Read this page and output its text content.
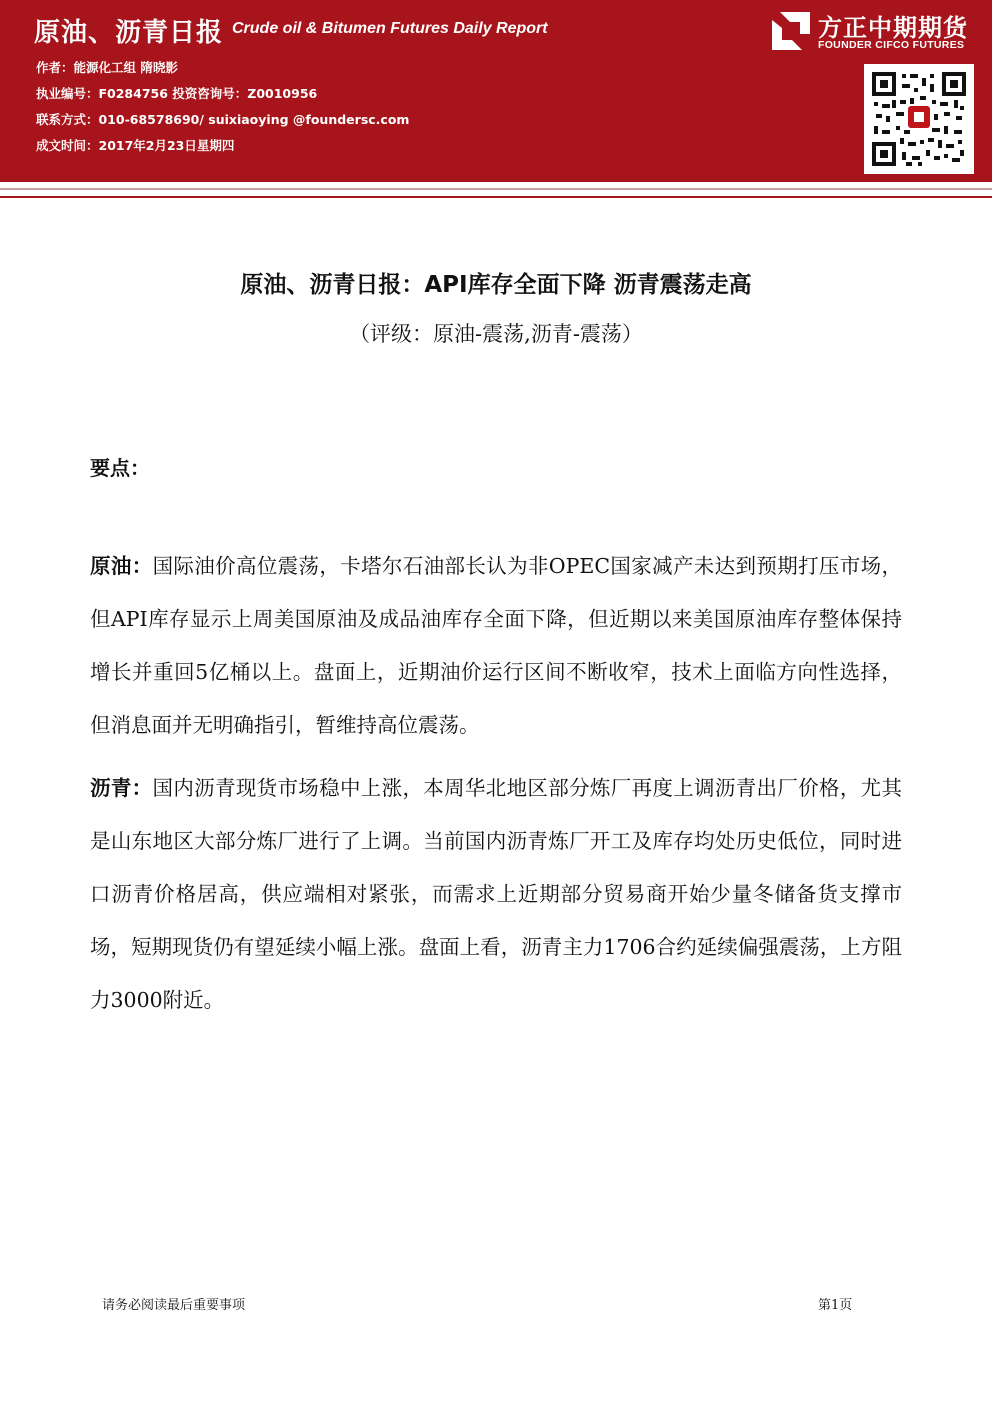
原油、沥青日报 Crude oil & Bitumen Futures Daily Report	方正中期期货
FOUNDER CIFCO FUTURES
作者：能源化工组 隋晓影
执业编号：F0284756 投资咨询号：Z0010956
联系方式：010-68578690/ suixiaoying @foundersc.com
成文时间：2017年2月23日星期四
原油、沥青日报：API库存全面下降 沥青震荡走高
（评级：原油-震荡,沥青-震荡）
要点：
原油：国际油价高位震荡，卡塔尔石油部长认为非OPEC国家减产未达到预期打压市场，但API库存显示上周美国原油及成品油库存全面下降，但近期以来美国原油库存整体保持增长并重回5亿桶以上。盘面上，近期油价运行区间不断收窄，技术上面临方向性选择，但消息面并无明确指引，暂维持高位震荡。
沥青：国内沥青现货市场稳中上涨，本周华北地区部分炼厂再度上调沥青出厂价格，尤其是山东地区大部分炼厂进行了上调。当前国内沥青炼厂开工及库存均处历史低位，同时进口沥青价格居高，供应端相对紧张，而需求上近期部分贸易商开始少量冬储备货支撑市场，短期现货仍有望延续小幅上涨。盘面上看，沥青主力1706合约延续偏强震荡，上方阻力3000附近。
请务必阅读最后重要事项	第1页
